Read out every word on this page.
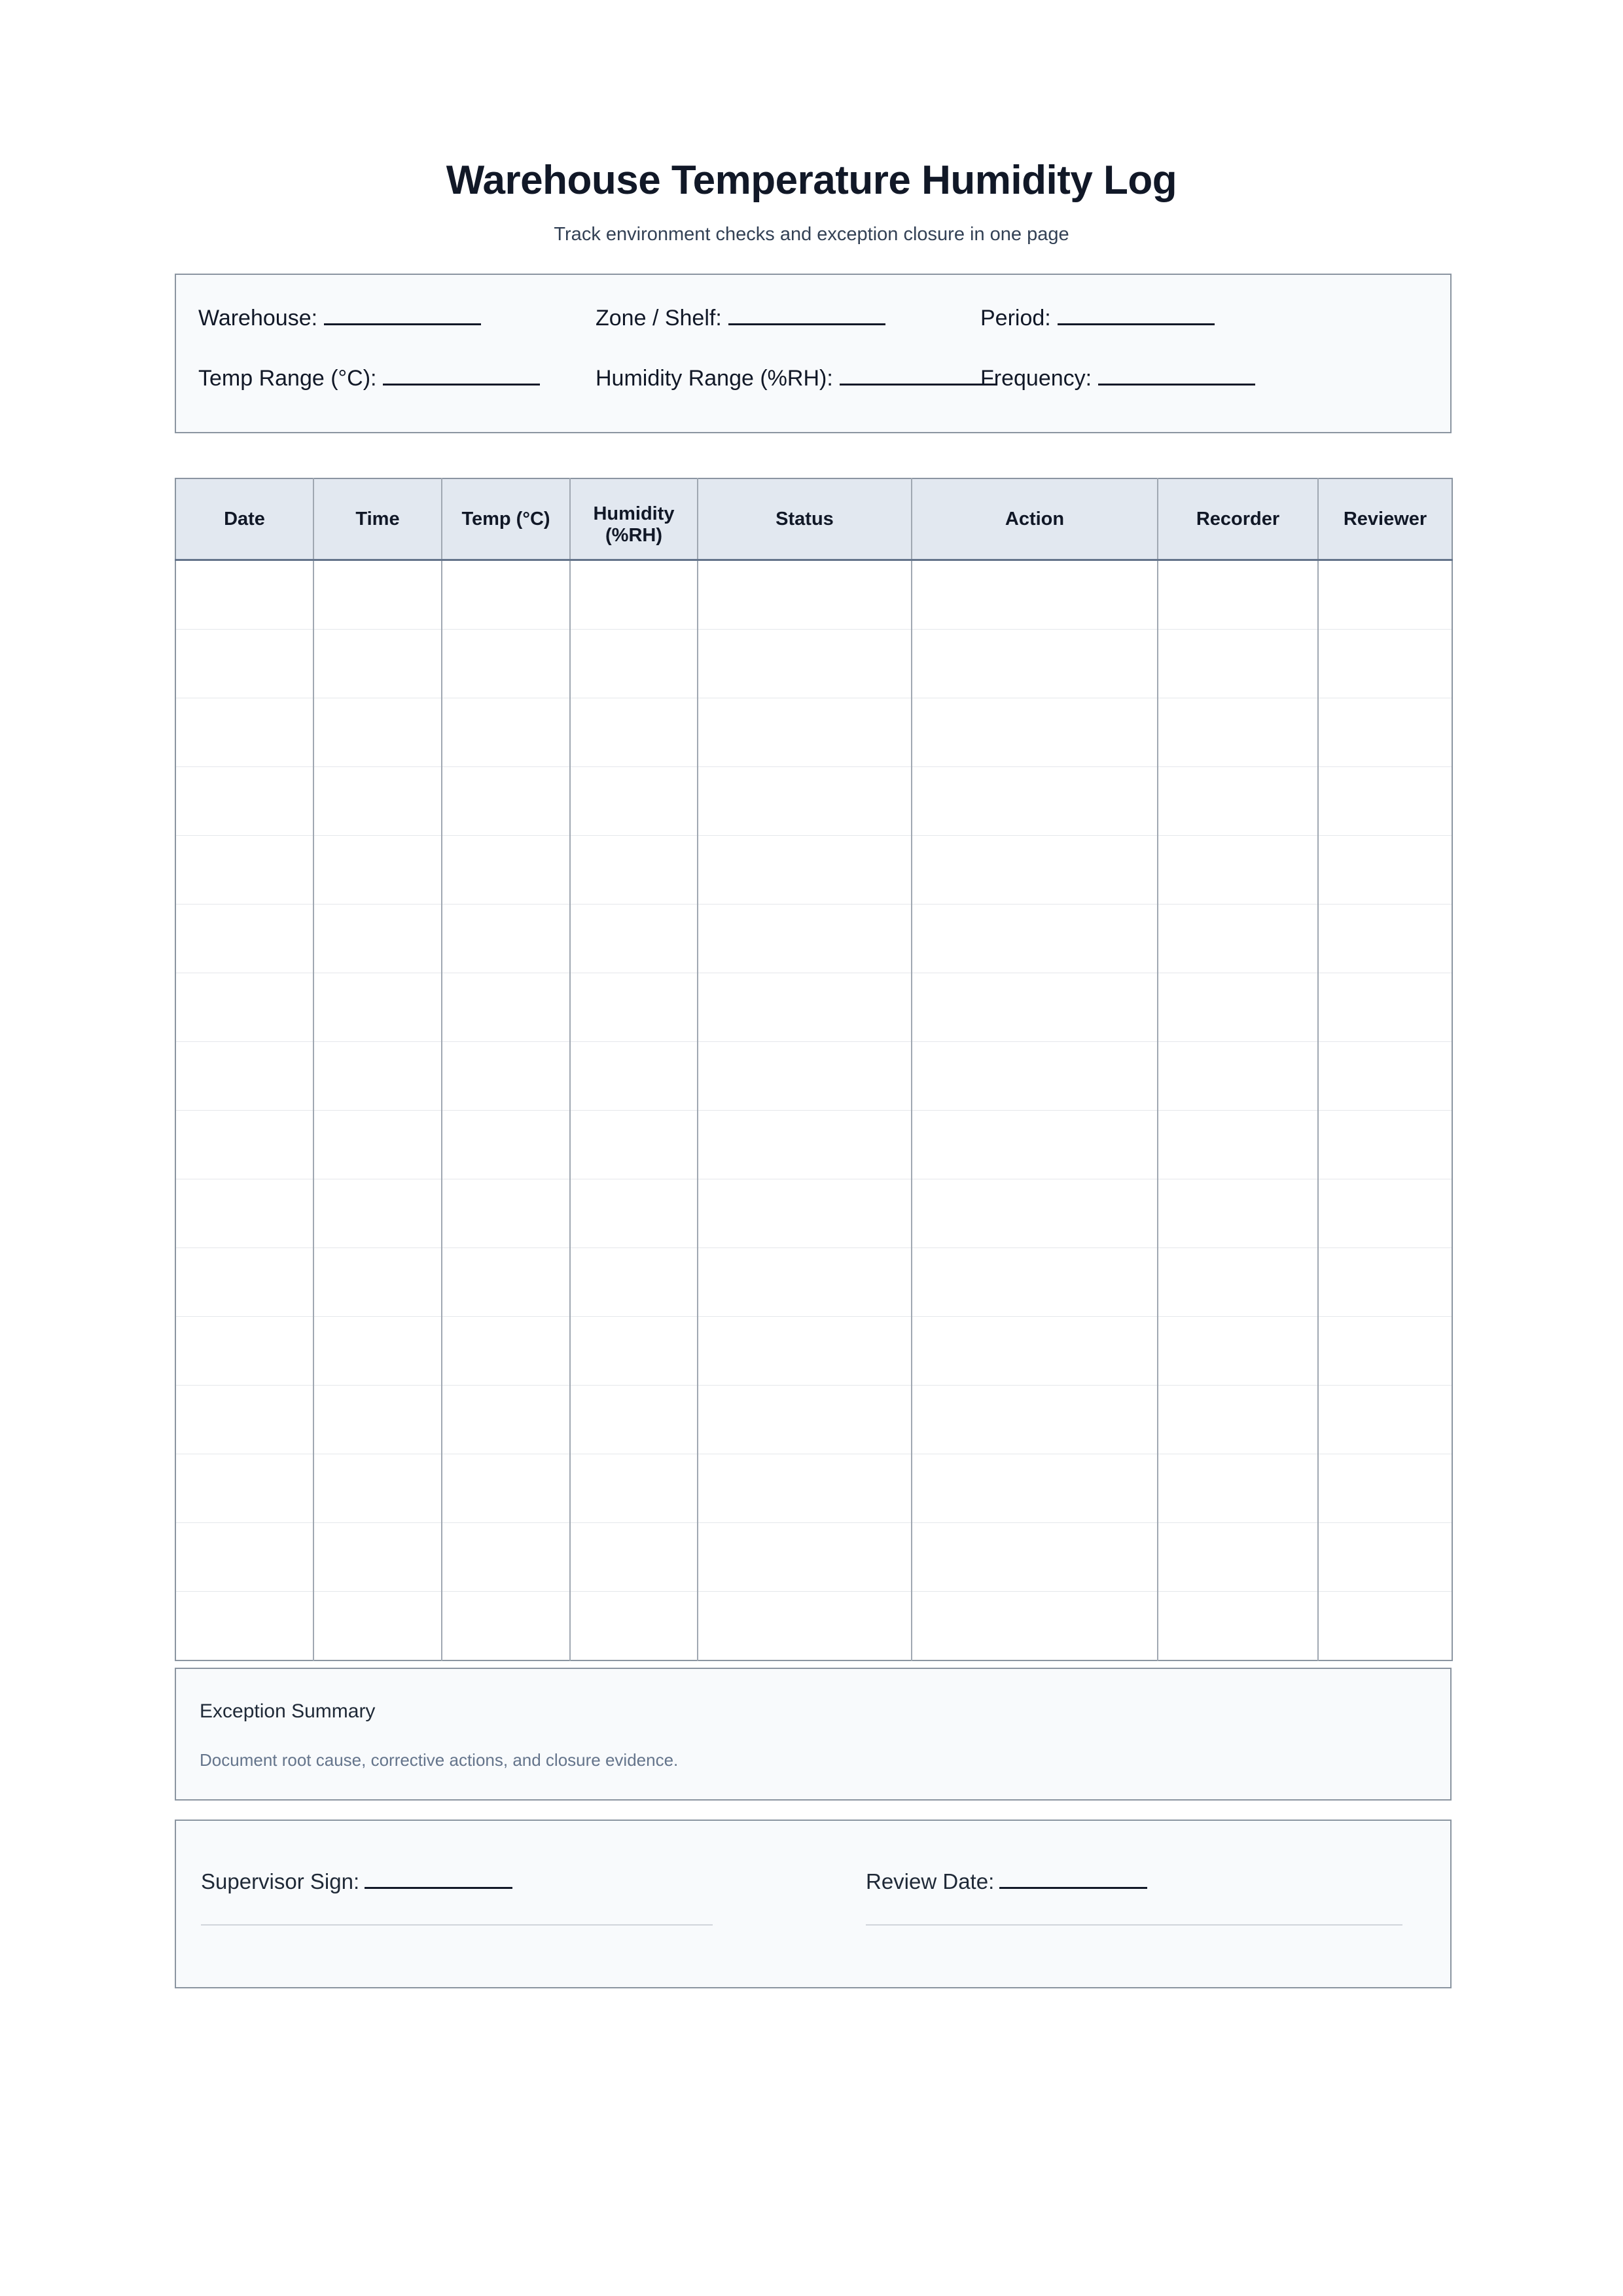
Warehouse Temperature Humidity Log
Track environment checks and exception closure in one page
Warehouse:	Zone / Shelf:	Period:
Temp Range (°C):	Humidity Range (%RH):	Frequency:
Date	Time	Temp (°C)	Humidity (%RH)	Status	Action	Recorder	Reviewer

Exception Summary
Document root cause, corrective actions, and closure evidence.
Supervisor Sign:	Review Date:
